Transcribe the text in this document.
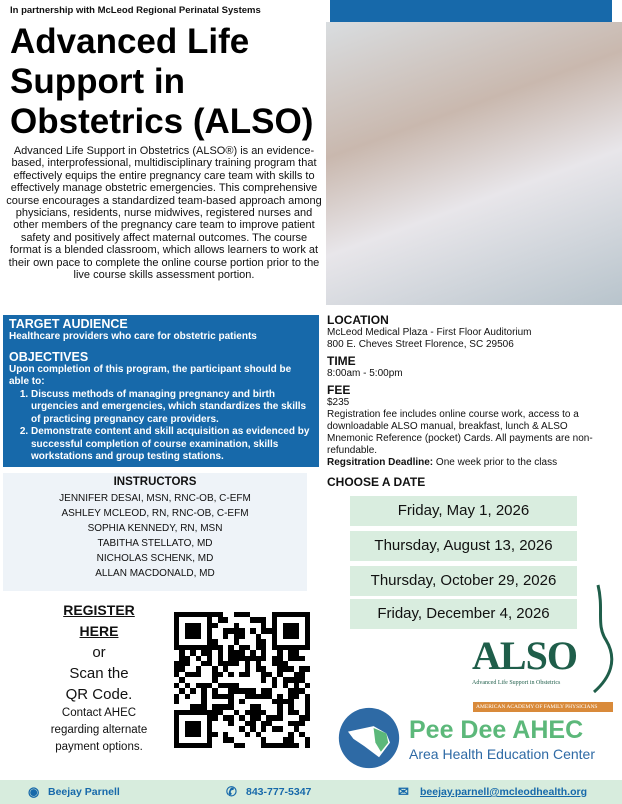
In partnership with McLeod Regional Perinatal Systems
Advanced Life Support in Obstetrics (ALSO)
Advanced Life Support in Obstetrics (ALSO®) is an evidence-based, interprofessional, multidisciplinary training program that effectively equips the entire pregnancy care team with skills to effectively manage obstetric emergencies. This comprehensive course encourages a standardized team-based approach among physicians, residents, nurse midwives, registered nurses and other members of the pregnancy care team to improve patient safety and positively affect maternal outcomes. The course format is a blended classroom, which allows learners to work at their own pace to complete the online course portion prior to the live course skills assessment portion.
TARGET AUDIENCE
Healthcare providers who care for obstetric patients
OBJECTIVES
Upon completion of this program, the participant should be able to:
1. Discuss methods of managing pregnancy and birth urgencies and emergencies, which standardizes the skills of practicing pregnancy care providers.
2. Demonstrate content and skill acquisition as evidenced by successful completion of course examination, skills workstations and group testing stations.
INSTRUCTORS
JENNIFER DESAI, MSN, RNC-OB, C-EFM
ASHLEY MCLEOD, RN, RNC-OB, C-EFM
SOPHIA KENNEDY, RN, MSN
TABITHA STELLATO, MD
NICHOLAS SCHENK, MD
ALLAN MACDONALD, MD
LOCATION
McLeod Medical Plaza - First Floor Auditorium
800 E. Cheves Street Florence, SC 29506
TIME
8:00am - 5:00pm
FEE
$235
Registration fee includes online course work, access to a downloadable ALSO manual, breakfast, lunch & ALSO Mnemonic Reference (pocket) Cards. All payments are non-refundable.
Regsitration Deadline: One week prior to the class
CHOOSE A DATE
Friday, May 1, 2026
Thursday, August 13, 2026
Thursday, October 29, 2026
Friday, December 4, 2026
REGISTER
HERE
or
Scan the
QR Code.
Contact AHEC regarding alternate payment options.
ALSO
Advanced Life Support in Obstetrics
AMERICAN ACADEMY OF FAMILY PHYSICIANS
Pee Dee AHEC
Area Health Education Center
◉ Beejay Parnell	✆ 843-777-5347	✉ beejay.parnell@mcleodhealth.org
